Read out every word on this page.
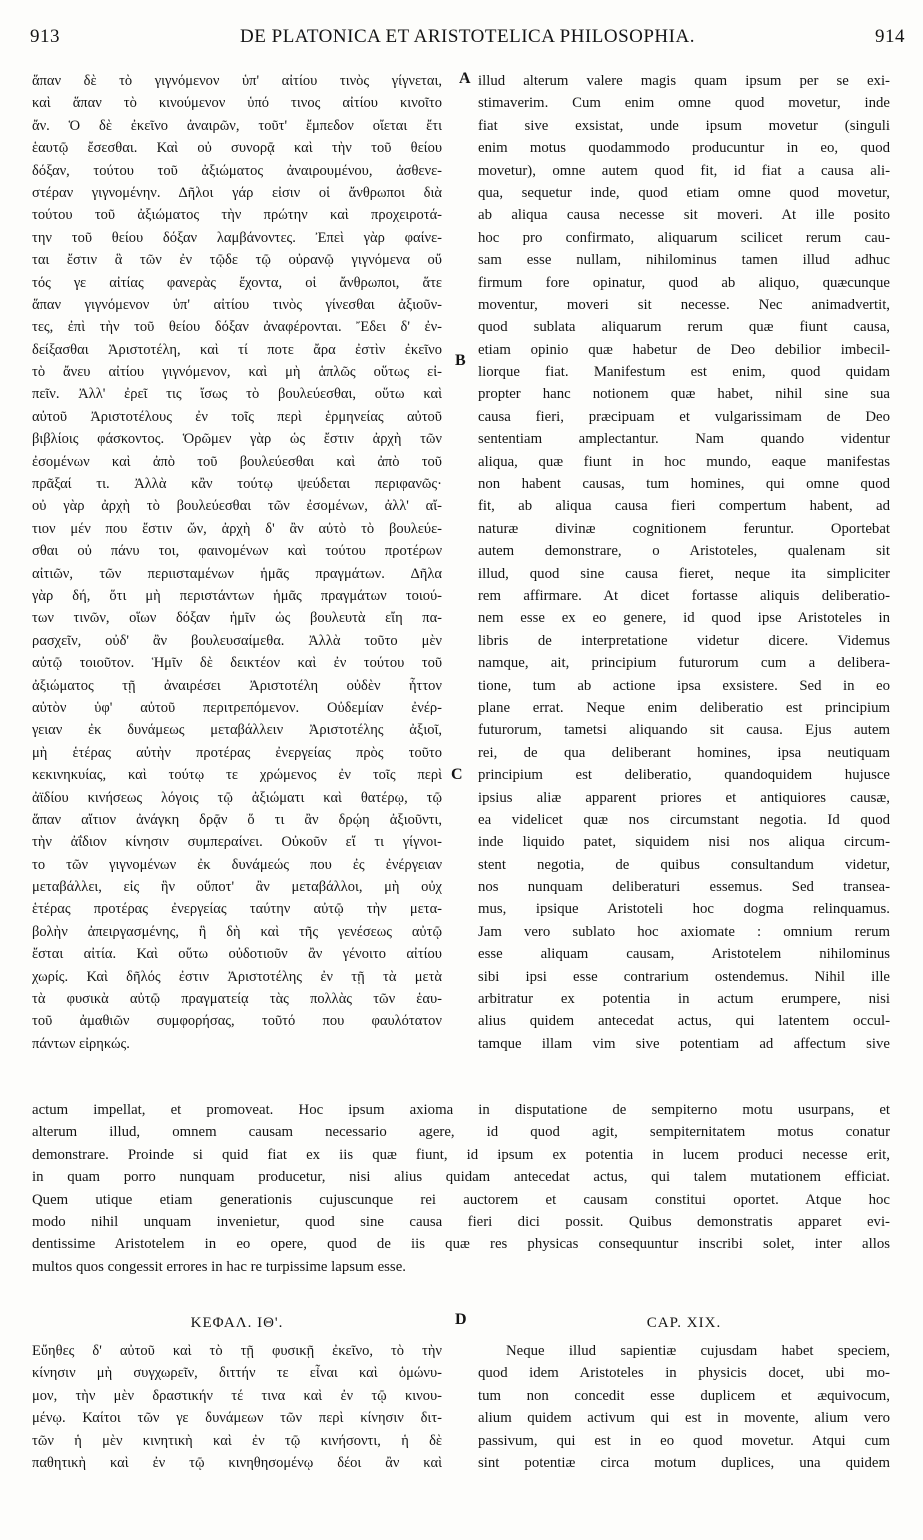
913	DE PLATONICA ET ARISTOTELICA PHILOSOPHIA.	914
A
B
C
D
ἅπαν δὲ τὸ γιγνόμενον ὑπ' αἰτίου τινὸς γίγνεται,
καὶ ἅπαν τὸ κινούμενον ὑπό τινος αἰτίου κινοῖτο
ἄν. Ὁ δὲ ἐκεῖνο ἀναιρῶν, τοῦτ' ἔμπεδον οἴεται ἔτι
ἑαυτῷ ἔσεσθαι. Καὶ οὐ συνορᾷ καὶ τὴν τοῦ θείου
δόξαν, τούτου τοῦ ἀξιώματος ἀναιρουμένου, ἀσθενε-
στέραν γιγνομένην. Δῆλοι γάρ εἰσιν οἱ ἄνθρωποι διὰ
τούτου τοῦ ἀξιώματος τὴν πρώτην καὶ προχειροτά-
την τοῦ θείου δόξαν λαμβάνοντες. Ἐπεὶ γὰρ φαίνε-
ται ἔστιν ἃ τῶν ἐν τῷδε τῷ οὐρανῷ γιγνόμενα οὔ
τός γε αἰτίας φανερὰς ἔχοντα, οἱ ἄνθρωποι, ἅτε
ἅπαν γιγνόμενον ὑπ' αἰτίου τινὸς γίνεσθαι ἀξιοῦν-
τες, ἐπὶ τὴν τοῦ θείου δόξαν ἀναφέρονται. Ἔδει δ' ἐν-
δείξασθαι Ἀριστοτέλη, καὶ τί ποτε ἄρα ἐστὶν ἐκεῖνο
τὸ ἄνευ αἰτίου γιγνόμενον, καὶ μὴ ἁπλῶς οὕτως εἰ-
πεῖν. Ἀλλ' ἐρεῖ τις ἴσως τὸ βουλεύεσθαι, οὕτω καὶ
αὐτοῦ Ἀριστοτέλους ἐν τοῖς περὶ ἑρμηνείας αὐτοῦ
βιβλίοις φάσκοντος. Ὁρῶμεν γὰρ ὡς ἔστιν ἀρχὴ τῶν
ἐσομένων καὶ ἀπὸ τοῦ βουλεύεσθαι καὶ ἀπὸ τοῦ
πρᾶξαί τι. Ἀλλὰ κἂν τούτῳ ψεύδεται περιφανῶς·
οὐ γὰρ ἀρχὴ τὸ βουλεύεσθαι τῶν ἐσομένων, ἀλλ' αἴ-
τιον μέν που ἔστιν ὤν, ἀρχὴ δ' ἂν αὐτὸ τὸ βουλεύε-
σθαι οὐ πάνυ τοι, φαινομένων καὶ τούτου προτέρων
αἰτιῶν, τῶν περιισταμένων ἡμᾶς πραγμάτων. Δῆλα
γὰρ δή, ὅτι μὴ περιστάντων ἡμᾶς πραγμάτων τοιού-
των τινῶν, οἵων δόξαν ἡμῖν ὡς βουλευτὰ εἴη πα-
ρασχεῖν, οὐδ' ἂν βουλευσαίμεθα. Ἀλλὰ τοῦτο μὲν
αὐτῷ τοιοῦτον. Ἡμῖν δὲ δεικτέον καὶ ἐν τούτου τοῦ
ἀξιώματος τῇ ἀναιρέσει Ἀριστοτέλη οὐδὲν ἧττον
αὐτὸν ὑφ' αὐτοῦ περιτρεπόμενον. Οὐδεμίαν ἐνέρ-
γειαν ἐκ δυνάμεως μεταβάλλειν Ἀριστοτέλης ἀξιοῖ,
μὴ ἑτέρας αὐτὴν προτέρας ἐνεργείας πρὸς τοῦτο
κεκινηκυίας, καὶ τούτῳ τε χρώμενος ἐν τοῖς περὶ
ἀϊδίου κινήσεως λόγοις τῷ ἀξιώματι καὶ θατέρῳ, τῷ
ἅπαν αἴτιον ἀνάγκη δρᾷν ὅ τι ἂν δρῴη ἀξιοῦντι,
τὴν ἀΐδιον κίνησιν συμπεραίνει. Οὐκοῦν εἴ τι γίγνοι-
το τῶν γιγνομένων ἐκ δυνάμεώς που ἐς ἐνέργειαν
μεταβάλλει, εἰς ἣν οὔποτ' ἂν μεταβάλλοι, μὴ οὐχ
ἑτέρας προτέρας ἐνεργείας ταύτην αὐτῷ τὴν μετα-
βολὴν ἀπειργασμένης, ἣ δὴ καὶ τῆς γενέσεως αὐτῷ
ἔσται αἰτία. Καὶ οὕτω οὐδοτιοῦν ἂν γένοιτο αἰτίου
χωρίς. Καὶ δῆλός ἐστιν Ἀριστοτέλης ἐν τῇ τὰ μετὰ
τὰ φυσικὰ αὐτῷ πραγματείᾳ τὰς πολλὰς τῶν ἑαυ-
τοῦ ἀμαθιῶν συμφορήσας, τοῦτό που φαυλότατον
πάντων εἰρηκώς.
illud alterum valere magis quam ipsum per se exi-
stimaverim. Cum enim omne quod movetur, inde
fiat sive exsistat, unde ipsum movetur (singuli
enim motus quodammodo producuntur in eo, quod
movetur), omne autem quod fit, id fiat a causa ali-
qua, sequetur inde, quod etiam omne quod movetur,
ab aliqua causa necesse sit moveri. At ille posito
hoc pro confirmato, aliquarum scilicet rerum cau-
sam esse nullam, nihilominus tamen illud adhuc
firmum fore opinatur, quod ab aliquo, quæcunque
moventur, moveri sit necesse. Nec animadvertit,
quod sublata aliquarum rerum quæ fiunt causa,
etiam opinio quæ habetur de Deo debilior imbecil-
liorque fiat. Manifestum est enim, quod quidam
propter hanc notionem quæ habet, nihil sine sua
causa fieri, præcipuam et vulgarissimam de Deo
sententiam amplectantur. Nam quando videntur
aliqua, quæ fiunt in hoc mundo, eaque manifestas
non habent causas, tum homines, qui omne quod
fit, ab aliqua causa fieri compertum habent, ad
naturæ divinæ cognitionem feruntur. Oportebat
autem demonstrare, o Aristoteles, qualenam sit
illud, quod sine causa fieret, neque ita simpliciter
rem affirmare. At dicet fortasse aliquis deliberatio-
nem esse ex eo genere, id quod ipse Aristoteles in
libris de interpretatione videtur dicere. Videmus
namque, ait, principium futurorum cum a delibera-
tione, tum ab actione ipsa exsistere. Sed in eo
plane errat. Neque enim deliberatio est principium
futurorum, tametsi aliquando sit causa. Ejus autem
rei, de qua deliberant homines, ipsa neutiquam
principium est deliberatio, quandoquidem hujusce
ipsius aliæ apparent priores et antiquiores causæ,
ea videlicet quæ nos circumstant negotia. Id quod
inde liquido patet, siquidem nisi nos aliqua circum-
stent negotia, de quibus consultandum videtur,
nos nunquam deliberaturi essemus. Sed transea-
mus, ipsique Aristoteli hoc dogma relinquamus.
Jam vero sublato hoc axiomate : omnium rerum
esse aliquam causam, Aristotelem nihilominus
sibi ipsi esse contrarium ostendemus. Nihil ille
arbitratur ex potentia in actum erumpere, nisi
alius quidem antecedat actus, qui latentem occul-
tamque illam vim sive potentiam ad affectum sive
actum impellat, et promoveat. Hoc ipsum axioma in disputatione de sempiterno motu usurpans, et
alterum illud, omnem causam necessario agere, id quod agit, sempiternitatem motus conatur
demonstrare. Proinde si quid fiat ex iis quæ fiunt, id ipsum ex potentia in lucem produci necesse erit,
in quam porro nunquam producetur, nisi alius quidam antecedat actus, qui talem mutationem efficiat.
Quem utique etiam generationis cujuscunque rei auctorem et causam constitui oportet. Atque hoc
modo nihil unquam invenietur, quod sine causa fieri dici possit. Quibus demonstratis apparet evi-
dentissime Aristotelem in eo opere, quod de iis quæ res physicas consequuntur inscribi solet, inter allos
multos quos congessit errores in hac re turpissime lapsum esse.
ΚΕΦΑΛ. ΙΘ'.	CAP. XIX.
Εὔηθες δ' αὐτοῦ καὶ τὸ τῇ φυσικῇ ἐκεῖνο, τὸ τὴν
κίνησιν μὴ συγχωρεῖν, διττήν τε εἶναι καὶ ὁμώνυ-
μον, τὴν μὲν δραστικήν τέ τινα καὶ ἐν τῷ κινου-
μένῳ. Καίτοι τῶν γε δυνάμεων τῶν περὶ κίνησιν διτ-
τῶν ἡ μὲν κινητικὴ καὶ ἐν τῷ κινήσοντι, ἡ δὲ
παθητικὴ καὶ ἐν τῷ κινηθησομένῳ δέοι ἂν καὶ
Neque illud sapientiæ cujusdam habet speciem,
quod idem Aristoteles in physicis docet, ubi mo-
tum non concedit esse duplicem et æquivocum,
alium quidem activum qui est in movente, alium vero
passivum, qui est in eo quod movetur. Atqui cum
sint potentiæ circa motum duplices, una quidem
